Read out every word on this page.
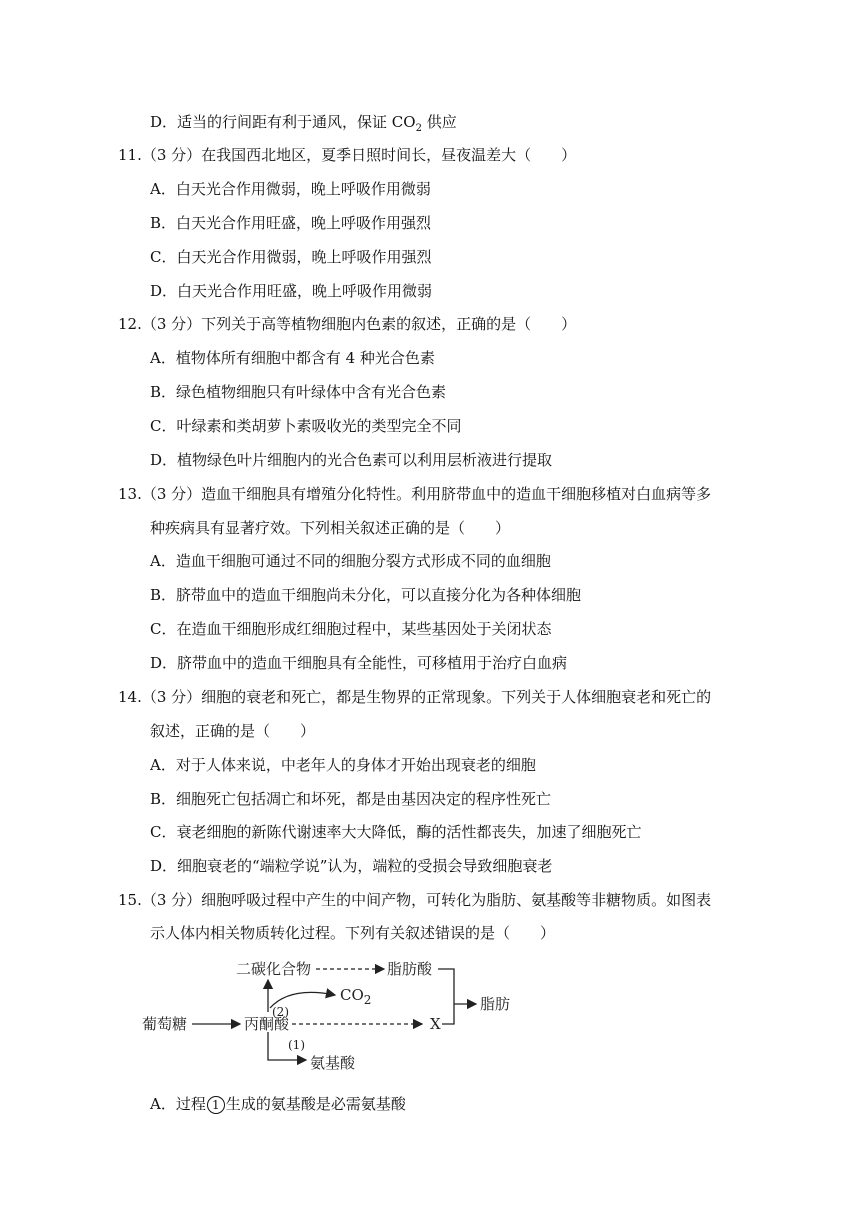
D．适当的行间距有利于通风，保证 $CO_2$ 供应
11.（3 分）在我国西北地区，夏季日照时间长，昼夜温差大（　　）
A．白天光合作用微弱，晚上呼吸作用微弱
B．白天光合作用旺盛，晚上呼吸作用强烈
C．白天光合作用微弱，晚上呼吸作用强烈
D．白天光合作用旺盛，晚上呼吸作用微弱
12.（3 分）下列关于高等植物细胞内色素的叙述，正确的是（　　）
A．植物体所有细胞中都含有 4 种光合色素
B．绿色植物细胞只有叶绿体中含有光合色素
C．叶绿素和类胡萝卜素吸收光的类型完全不同
D．植物绿色叶片细胞内的光合色素可以利用层析液进行提取
13.（3 分）造血干细胞具有增殖分化特性。利用脐带血中的造血干细胞移植对白血病等多
种疾病具有显著疗效。下列相关叙述正确的是（　　）
A．造血干细胞可通过不同的细胞分裂方式形成不同的血细胞
B．脐带血中的造血干细胞尚未分化，可以直接分化为各种体细胞
C．在造血干细胞形成红细胞过程中，某些基因处于关闭状态
D．脐带血中的造血干细胞具有全能性，可移植用于治疗白血病
14.（3 分）细胞的衰老和死亡，都是生物界的正常现象。下列关于人体细胞衰老和死亡的
叙述，正确的是（　　）
A．对于人体来说，中老年人的身体才开始出现衰老的细胞
B．细胞死亡包括凋亡和坏死，都是由基因决定的程序性死亡
C．衰老细胞的新陈代谢速率大大降低，酶的活性都丧失，加速了细胞死亡
D．细胞衰老的“端粒学说”认为，端粒的受损会导致细胞衰老
15.（3 分）细胞呼吸过程中产生的中间产物，可转化为脂肪、氨基酸等非糖物质。如图表
示人体内相关物质转化过程。下列有关叙述错误的是（　　）
二碳化合物	脂肪酸
脂肪
葡萄糖	丙酮酸	X
$CO_2$
氨基酸
(2)
(1)
A．过程 1 生成的氨基酸是必需氨基酸
